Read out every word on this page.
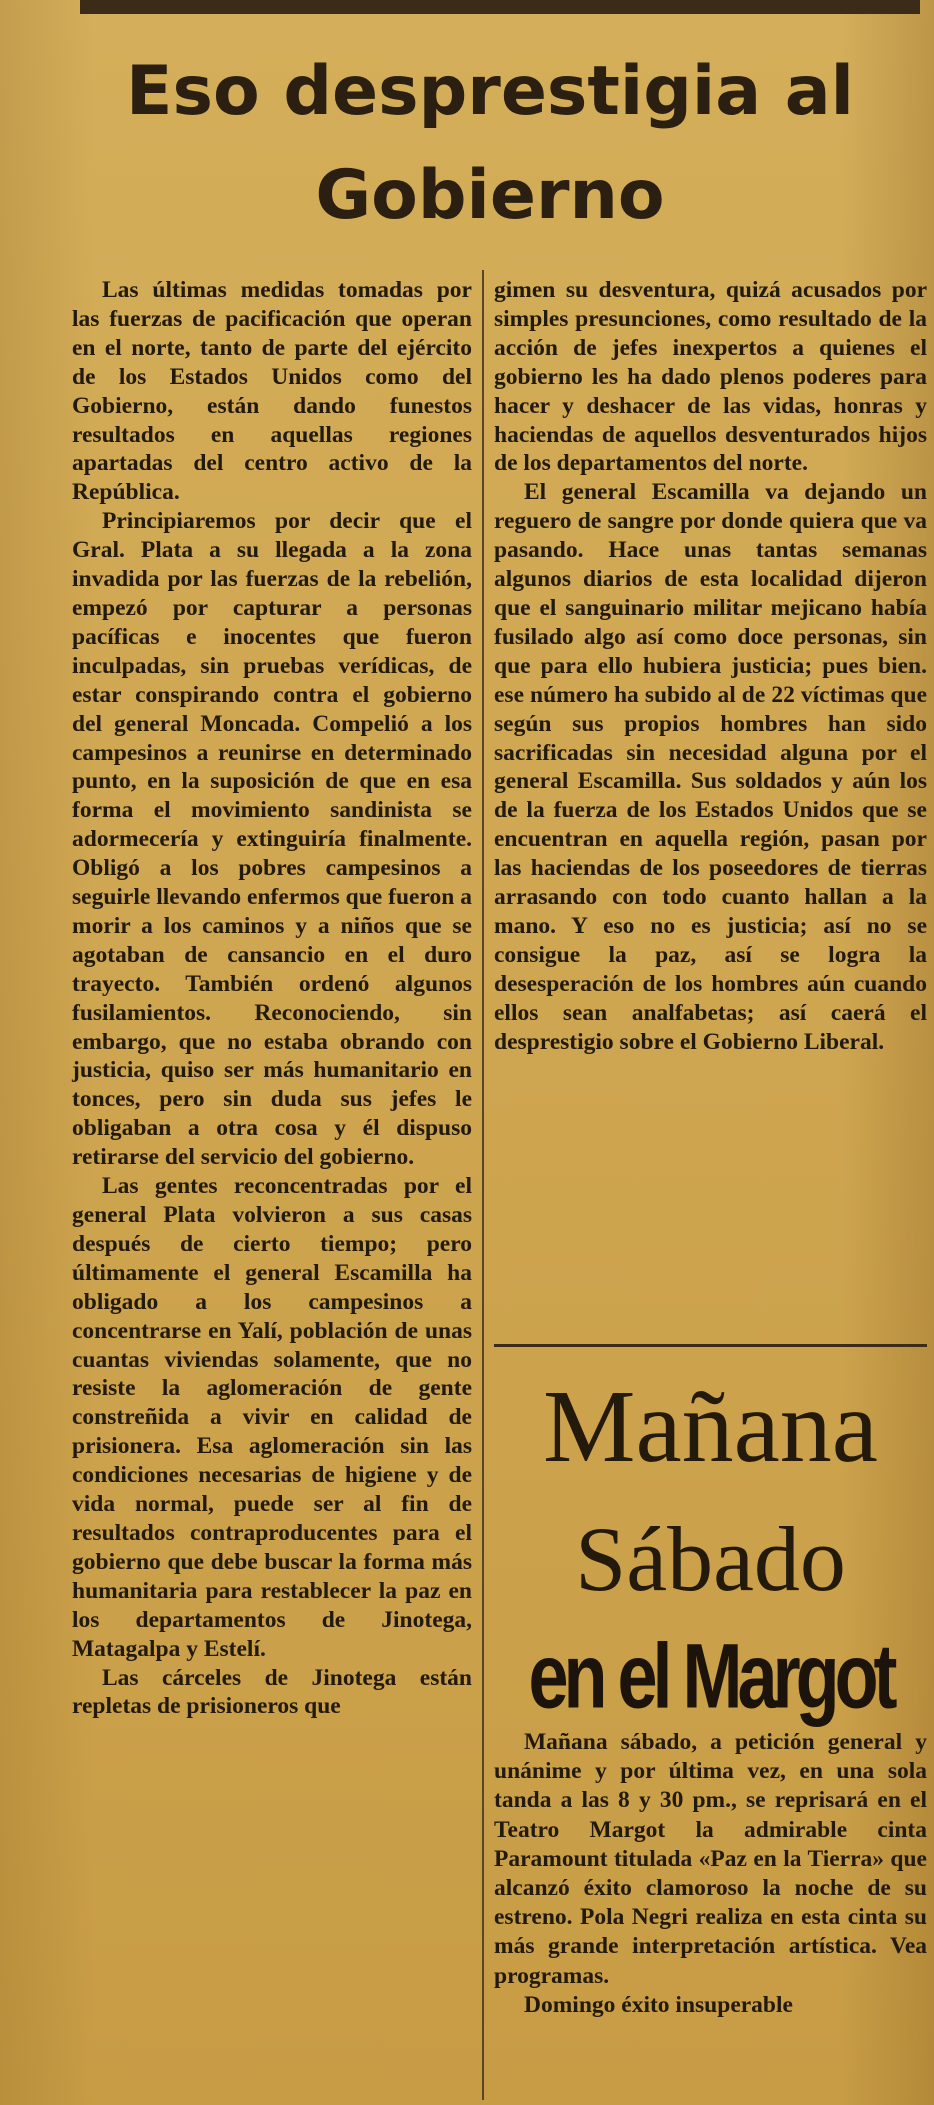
Eso desprestigia al Gobierno

Las últimas medidas tomadas por las fuerzas de pacificación que operan en el norte, tanto de parte del ejército de los Estados Unidos como del Gobierno, están dando funestos resultados en aquellas regiones apartadas del centro activo de la República.

Principiaremos por decir que el Gral. Plata a su llegada a la zona invadida por las fuerzas de la rebelión, empezó por capturar a personas pacíficas e inocentes que fueron inculpadas, sin pruebas verídicas, de estar conspirando contra el gobierno del general Moncada. Compelió a los campesinos a reunirse en determinado punto, en la suposición de que en esa forma el movimiento sandinista se adormecería y extinguiría finalmente. Obligó a los pobres campesinos a seguirle llevando enfermos que fueron a morir a los caminos y a niños que se agotaban de cansancio en el duro trayecto. También ordenó algunos fusilamientos. Reconociendo, sin embargo, que no estaba obrando con justicia, quiso ser más humanitario en tonces, pero sin duda sus jefes le obligaban a otra cosa y él dispuso retirarse del servicio del gobierno.

Las gentes reconcentradas por el general Plata volvieron a sus casas después de cierto tiempo; pero últimamente el general Escamilla ha obligado a los campesinos a concentrarse en Yalí, población de unas cuantas viviendas solamente, que no resiste la aglomeración de gente constreñida a vivir en calidad de prisionera. Esa aglomeración sin las condiciones necesarias de higiene y de vida normal, puede ser al fin de resultados contraproducentes para el gobierno que debe buscar la forma más humanitaria para restablecer la paz en los departamentos de Jinotega, Matagalpa y Estelí.

Las cárceles de Jinotega están repletas de prisioneros que

gimen su desventura, quizá acusados por simples presunciones, como resultado de la acción de jefes inexpertos a quienes el gobierno les ha dado plenos poderes para hacer y deshacer de las vidas, honras y haciendas de aquellos desventurados hijos de los departamentos del norte.

El general Escamilla va dejando un reguero de sangre por donde quiera que va pasando. Hace unas tantas semanas algunos diarios de esta localidad dijeron que el sanguinario militar mejicano había fusilado algo así como doce personas, sin que para ello hubiera justicia; pues bien. ese número ha subido al de 22 víctimas que según sus propios hombres han sido sacrificadas sin necesidad alguna por el general Escamilla. Sus soldados y aún los de la fuerza de los Estados Unidos que se encuentran en aquella región, pasan por las haciendas de los poseedores de tierras arrasando con todo cuanto hallan a la mano. Y eso no es justicia; así no se consigue la paz, así se logra la desesperación de los hombres aún cuando ellos sean analfabetas; así caerá el desprestigio sobre el Gobierno Liberal.

Mañana
Sábado
en el Margot

Mañana sábado, a petición general y unánime y por última vez, en una sola tanda a las 8 y 30 pm., se reprisará en el Teatro Margot la admirable cinta Paramount titulada «Paz en la Tierra» que alcanzó éxito clamoroso la noche de su estreno. Pola Negri realiza en esta cinta su más grande interpretación artística. Vea programas.

Domingo éxito insuperable
